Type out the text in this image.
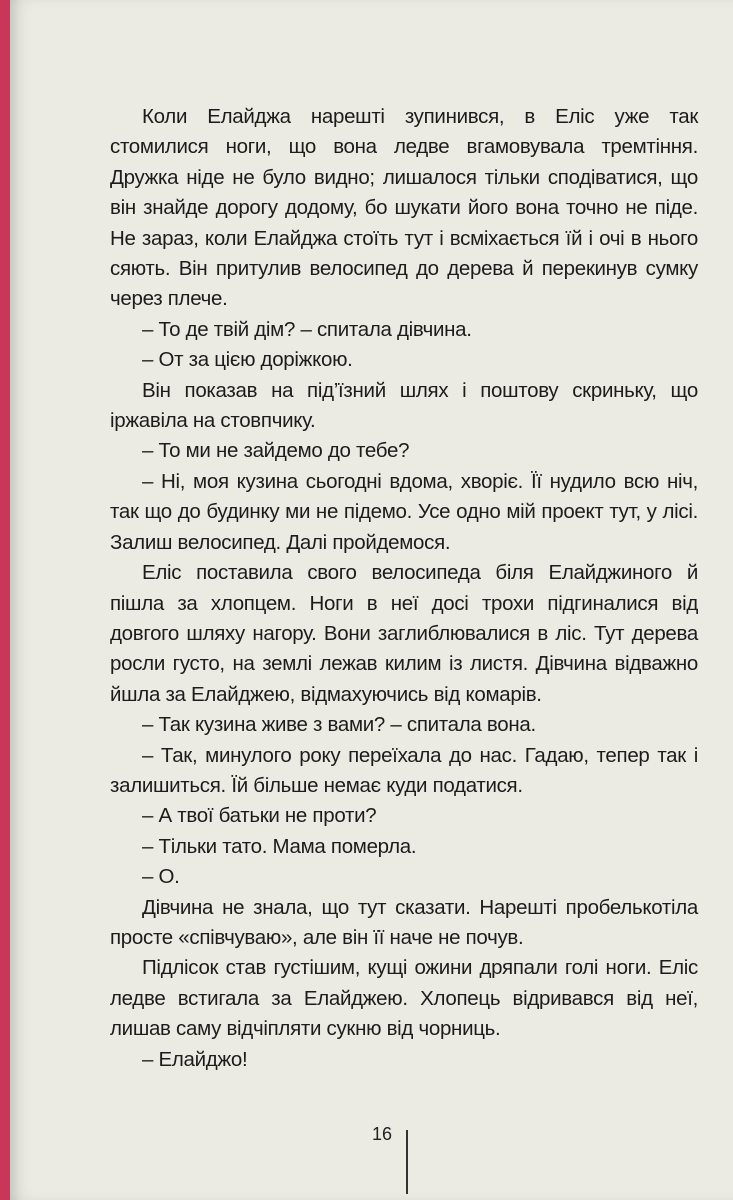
Коли Елайджа нарешті зупинився, в Еліс уже так стомилися ноги, що вона ледве вгамовувала тремтіння. Дружка ніде не було видно; лишалося тільки сподіватися, що він знайде дорогу додому, бо шукати його вона точно не піде. Не зараз, коли Елайджа стоїть тут і всміхається їй і очі в нього сяють. Він притулив велосипед до дерева й перекинув сумку через плече.

– То де твій дім? – спитала дівчина.

– От за цією доріжкою.

Він показав на під’їзний шлях і поштову скриньку, що іржавіла на стовпчику.

– То ми не зайдемо до тебе?

– Ні, моя кузина сьогодні вдома, хворіє. Її нудило всю ніч, так що до будинку ми не підемо. Усе одно мій проект тут, у лісі. Залиш велосипед. Далі пройдемося.

Еліс поставила свого велосипеда біля Елайджиного й пішла за хлопцем. Ноги в неї досі трохи підгиналися від довгого шляху нагору. Вони заглиблювалися в ліс. Тут дерева росли густо, на землі лежав килим із листя. Дівчина відважно йшла за Елайджею, відмахуючись від комарів.

– Так кузина живе з вами? – спитала вона.

– Так, минулого року переїхала до нас. Гадаю, тепер так і залишиться. Їй більше немає куди податися.

– А твої батьки не проти?

– Тільки тато. Мама померла.

– О.

Дівчина не знала, що тут сказати. Нарешті пробелькотіла просте «співчуваю», але він її наче не почув.

Підлісок став густішим, кущі ожини дряпали голі ноги. Еліс ледве встигала за Елайджею. Хлопець відривався від неї, лишав саму відчіпляти сукню від чорниць.

– Елайджо!

16
